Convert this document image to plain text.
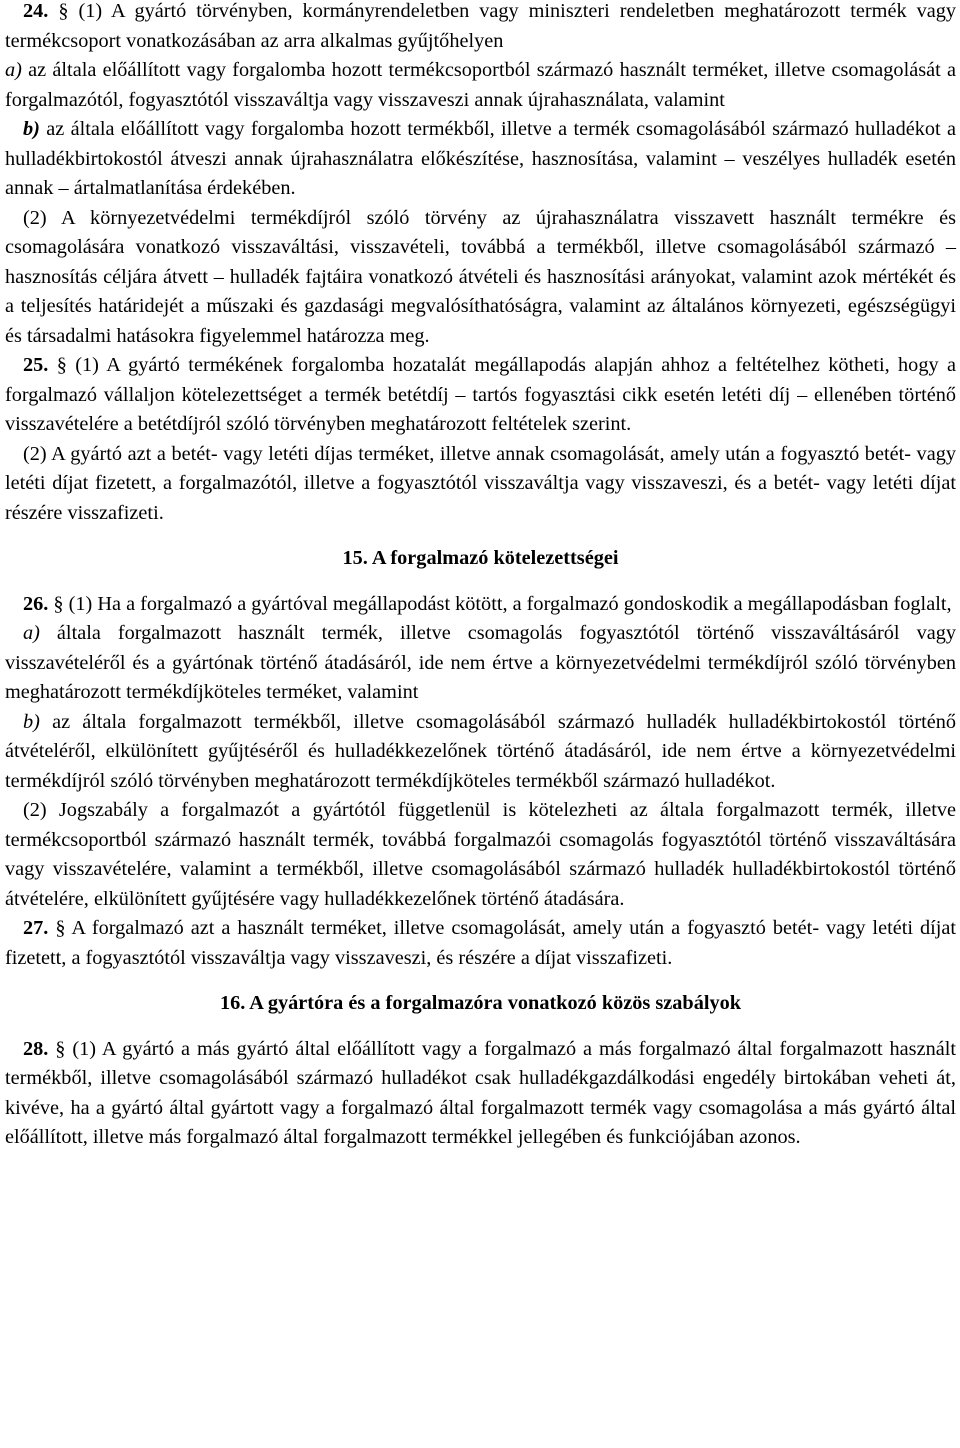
24. § (1) A gyártó törvényben, kormányrendeletben vagy miniszteri rendeletben meghatározott termék vagy termékcsoport vonatkozásában az arra alkalmas gyűjtőhelyen

a) az általa előállított vagy forgalomba hozott termékcsoportból származó használt terméket, illetve csomagolását a forgalmazótól, fogyasztótól visszaváltja vagy visszaveszi annak újrahasználata, valamint

b) az általa előállított vagy forgalomba hozott termékből, illetve a termék csomagolásából származó hulladékot a hulladékbirtokostól átveszi annak újrahasználatra előkészítése, hasznosítása, valamint – veszélyes hulladék esetén annak – ártalmatlanítása érdekében.

(2) A környezetvédelmi termékdíjról szóló törvény az újrahasználatra visszavett használt termékre és csomagolására vonatkozó visszaváltási, visszavételi, továbbá a termékből, illetve csomagolásából származó – hasznosítás céljára átvett – hulladék fajtáira vonatkozó átvételi és hasznosítási arányokat, valamint azok mértékét és a teljesítés határidejét a műszaki és gazdasági megvalósíthatóságra, valamint az általános környezeti, egészségügyi és társadalmi hatásokra figyelemmel határozza meg.

25. § (1) A gyártó termékének forgalomba hozatalát megállapodás alapján ahhoz a feltételhez kötheti, hogy a forgalmazó vállaljon kötelezettséget a termék betétdíj – tartós fogyasztási cikk esetén letéti díj – ellenében történő visszavételére a betétdíjról szóló törvényben meghatározott feltételek szerint.

(2) A gyártó azt a betét- vagy letéti díjas terméket, illetve annak csomagolását, amely után a fogyasztó betét- vagy letéti díjat fizetett, a forgalmazótól, illetve a fogyasztótól visszaváltja vagy visszaveszi, és a betét- vagy letéti díjat részére visszafizeti.

15. A forgalmazó kötelezettségei

26. § (1) Ha a forgalmazó a gyártóval megállapodást kötött, a forgalmazó gondoskodik a megállapodásban foglalt,

a) általa forgalmazott használt termék, illetve csomagolás fogyasztótól történő visszaváltásáról vagy visszavételéről és a gyártónak történő átadásáról, ide nem értve a környezetvédelmi termékdíjról szóló törvényben meghatározott termékdíjköteles terméket, valamint

b) az általa forgalmazott termékből, illetve csomagolásából származó hulladék hulladékbirtokostól történő átvételéről, elkülönített gyűjtéséről és hulladékkezelőnek történő átadásáról, ide nem értve a környezetvédelmi termékdíjról szóló törvényben meghatározott termékdíjköteles termékből származó hulladékot.

(2) Jogszabály a forgalmazót a gyártótól függetlenül is kötelezheti az általa forgalmazott termék, illetve termékcsoportból származó használt termék, továbbá forgalmazói csomagolás fogyasztótól történő visszaváltására vagy visszavételére, valamint a termékből, illetve csomagolásából származó hulladék hulladékbirtokostól történő átvételére, elkülönített gyűjtésére vagy hulladékkezelőnek történő átadására.

27. § A forgalmazó azt a használt terméket, illetve csomagolását, amely után a fogyasztó betét- vagy letéti díjat fizetett, a fogyasztótól visszaváltja vagy visszaveszi, és részére a díjat visszafizeti.

16. A gyártóra és a forgalmazóra vonatkozó közös szabályok

28. § (1) A gyártó a más gyártó által előállított vagy a forgalmazó a más forgalmazó által forgalmazott használt termékből, illetve csomagolásából származó hulladékot csak hulladékgazdálkodási engedély birtokában veheti át, kivéve, ha a gyártó által gyártott vagy a forgalmazó által forgalmazott termék vagy csomagolása a más gyártó által előállított, illetve más forgalmazó által forgalmazott termékkel jellegében és funkciójában azonos.
